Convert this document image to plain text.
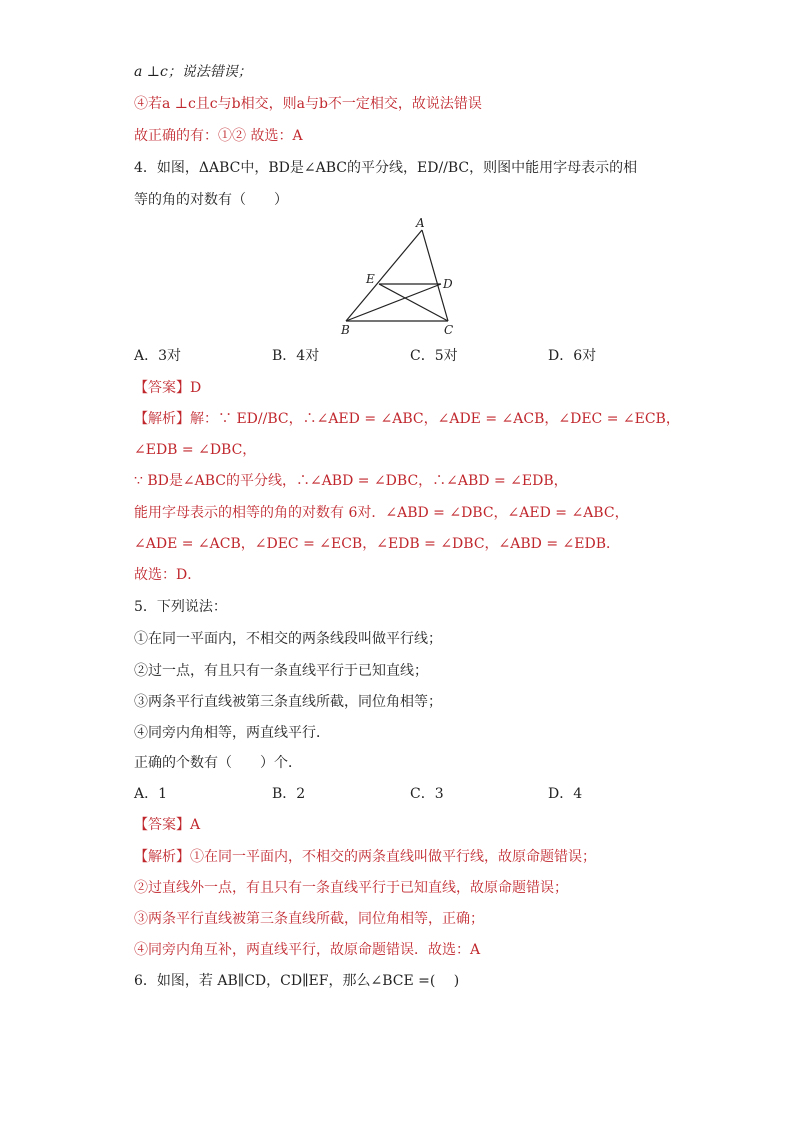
a ⊥c；说法错误；
④若a ⊥c且c与b相交，则a与b不一定相交，故说法错误
故正确的有：①② 故选：A
4．如图，ΔABC中，BD是∠ABC的平分线，ED//BC，则图中能用字母表示的相
等的角的对数有（　　）
A
E	D
B	C
A．3对	B．4对	C．5对	D．6对
【答案】D
【解析】解：∵ ED//BC，∴∠AED = ∠ABC，∠ADE = ∠ACB，∠DEC = ∠ECB，
∠EDB = ∠DBC，
∵ BD是∠ABC的平分线，∴∠ABD = ∠DBC，∴∠ABD = ∠EDB，
能用字母表示的相等的角的对数有 6对．∠ABD = ∠DBC，∠AED = ∠ABC，
∠ADE = ∠ACB，∠DEC = ∠ECB，∠EDB = ∠DBC，∠ABD = ∠EDB．
故选：D．
5．下列说法：
①在同一平面内，不相交的两条线段叫做平行线；
②过一点，有且只有一条直线平行于已知直线；
③两条平行直线被第三条直线所截，同位角相等；
④同旁内角相等，两直线平行．
正确的个数有（　　）个．
A．1	B．2	C．3	D．4
【答案】A
【解析】①在同一平面内，不相交的两条直线叫做平行线，故原命题错误；
②过直线外一点，有且只有一条直线平行于已知直线，故原命题错误；
③两条平行直线被第三条直线所截，同位角相等，正确；
④同旁内角互补，两直线平行，故原命题错误．故选：A
6．如图，若 AB∥CD，CD∥EF，那么∠BCE =(　 )
